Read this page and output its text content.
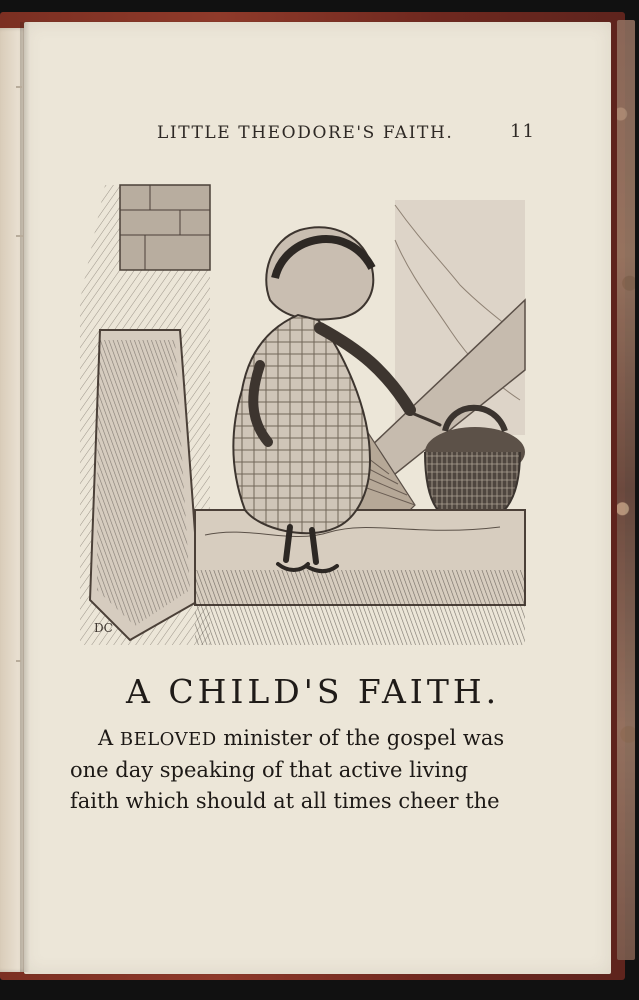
LITTLE THEODORE'S FAITH.	11
DC
A CHILD'S FAITH.
A BELOVED minister of the gospel was
one day speaking of that active living
faith which should at all times cheer the
